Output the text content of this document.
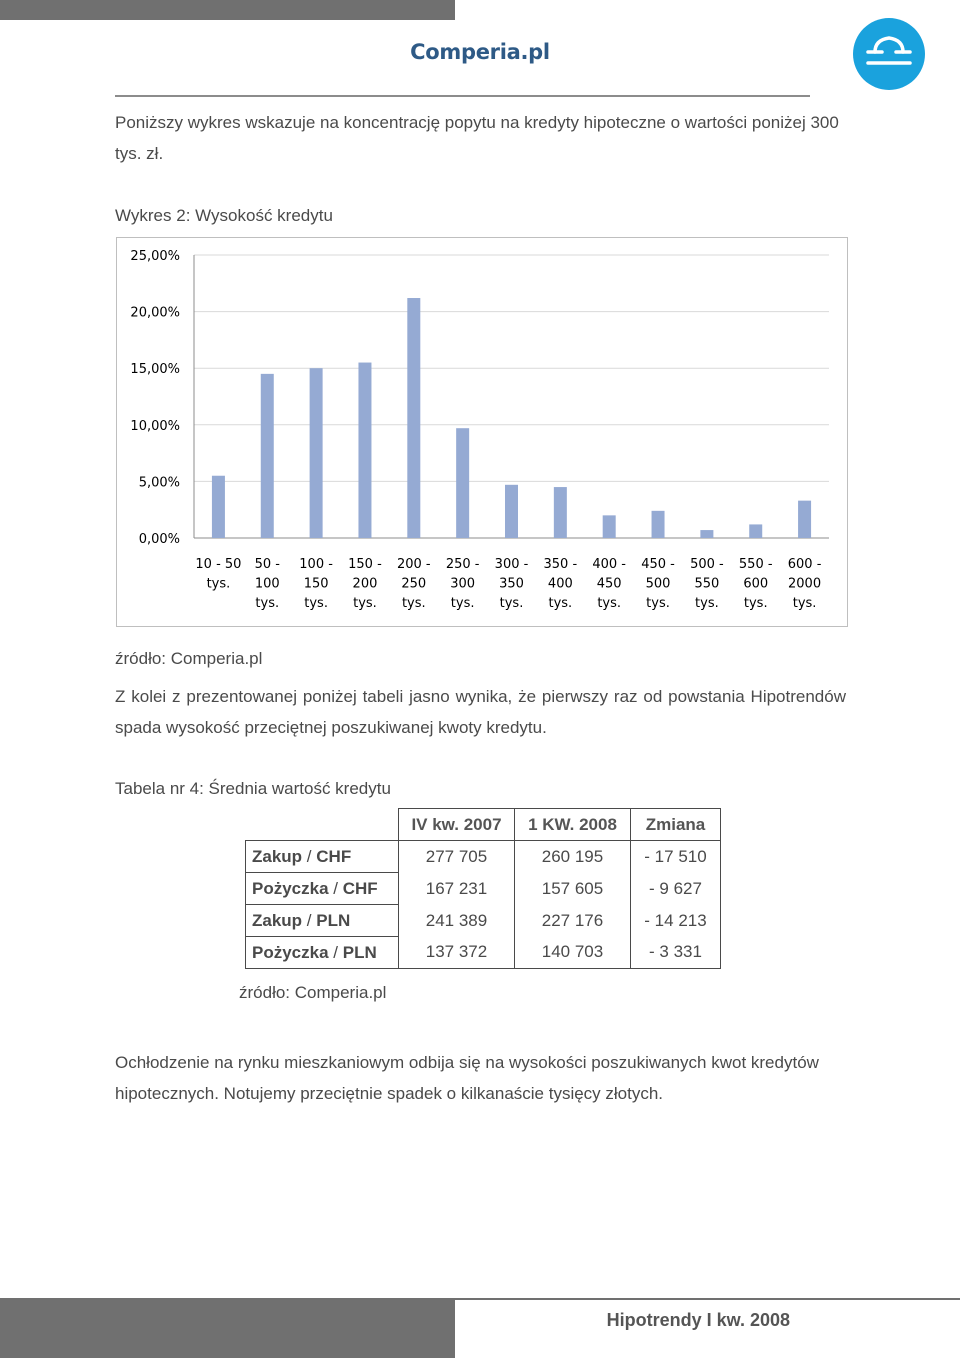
Comperia.pl
Poniższy wykres wskazuje na koncentrację popytu na kredyty hipoteczne o wartości poniżej 300 tys. zł.
Wykres 2: Wysokość kredytu
0,00%
5,00%
10,00%
15,00%
20,00%
25,00%
10 - 50
tys.
50 -
100
tys.
100 -
150
tys.
150 -
200
tys.
200 -
250
tys.
250 -
300
tys.
300 -
350
tys.
350 -
400
tys.
400 -
450
tys.
450 -
500
tys.
500 -
550
tys.
550 -
600
tys.
600 -
2000
tys.
źródło: Comperia.pl
Z kolei z prezentowanej poniżej tabeli jasno wynika, że pierwszy raz od powstania Hipotrendów spada wysokość przeciętnej poszukiwanej kwoty kredytu.
Tabela nr 4: Średnia wartość kredytu
	IV kw. 2007	1 KW. 2008	Zmiana
Zakup / CHF	277 705	260 195	- 17 510
Pożyczka / CHF	167 231	157 605	- 9 627
Zakup / PLN	241 389	227 176	- 14 213
Pożyczka / PLN	137 372	140 703	- 3 331
źródło: Comperia.pl
Ochłodzenie na rynku mieszkaniowym odbija się na wysokości poszukiwanych kwot kredytów hipotecznych. Notujemy przeciętnie spadek o kilkanaście tysięcy złotych.
Hipotrendy I kw. 2008
